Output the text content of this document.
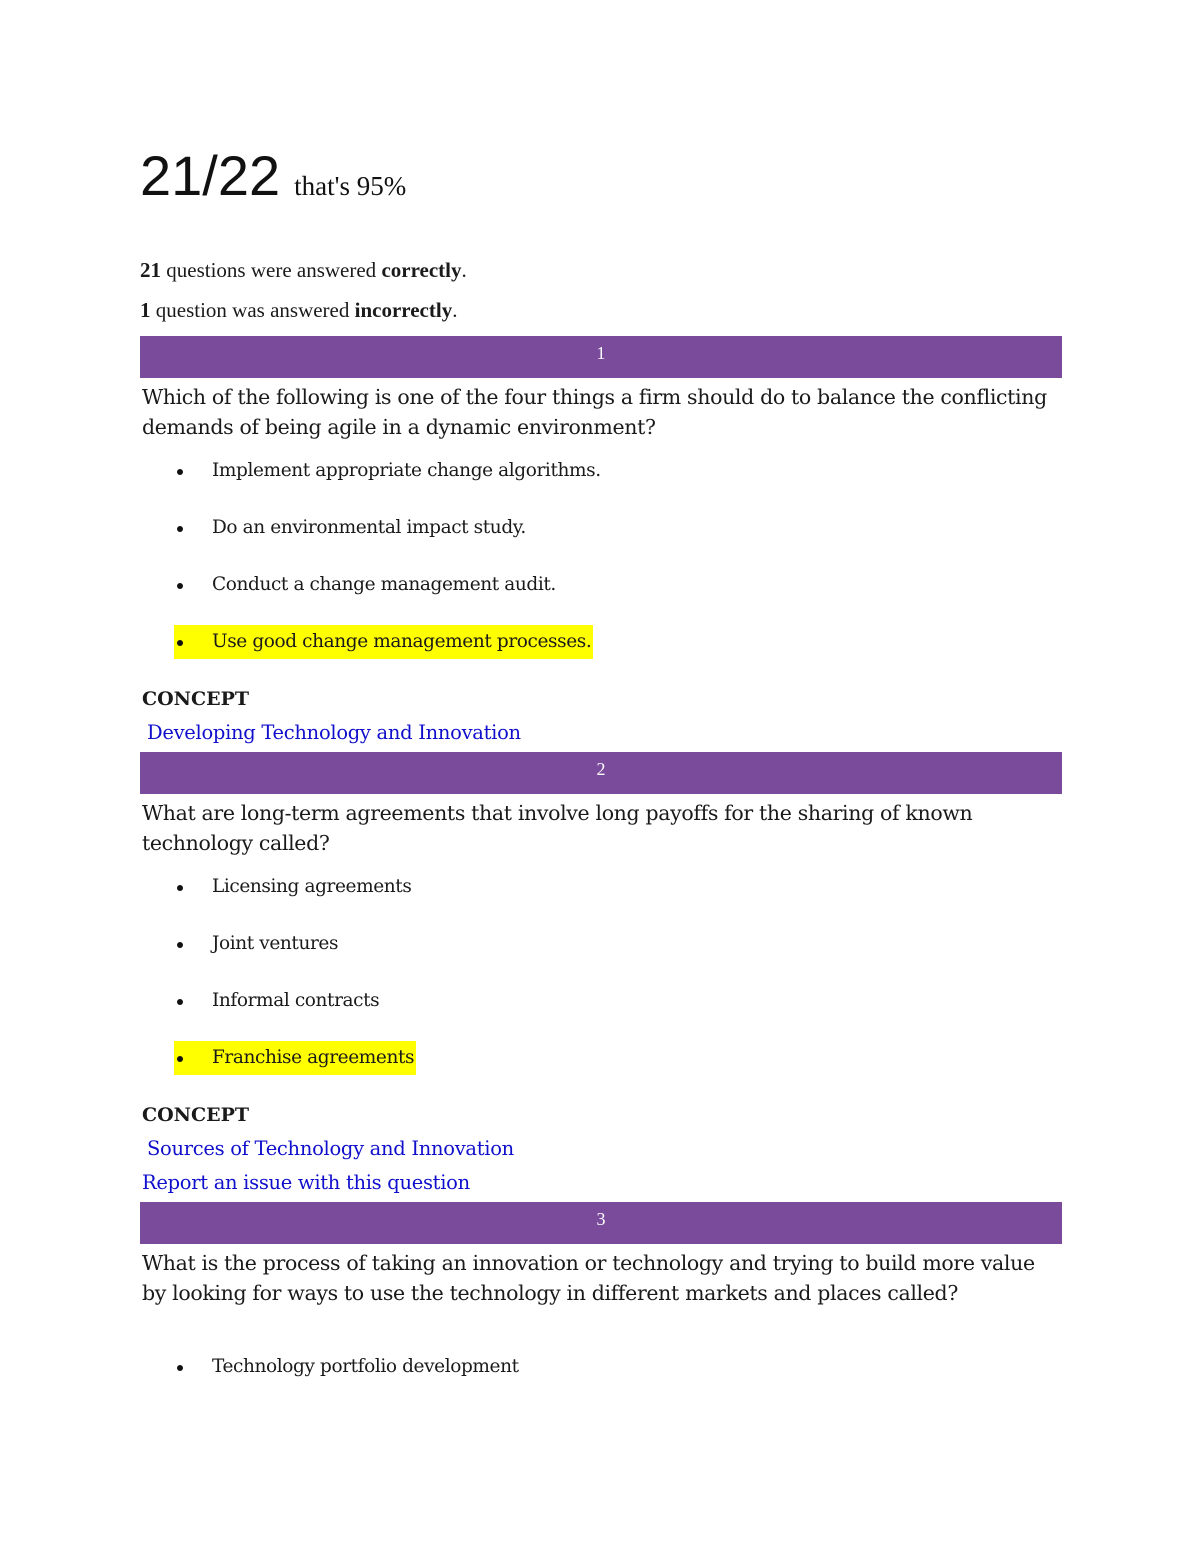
21/22 that's 95%

21 questions were answered correctly.

1 question was answered incorrectly.

1
Which of the following is one of the four things a firm should do to balance the conflicting demands of being agile in a dynamic environment?
Implement appropriate change algorithms.
Do an environmental impact study.
Conduct a change management audit.
Use good change management processes.
CONCEPT
Developing Technology and Innovation
2
What are long-term agreements that involve long payoffs for the sharing of known technology called?
Licensing agreements
Joint ventures
Informal contracts
Franchise agreements
CONCEPT
Sources of Technology and Innovation
Report an issue with this question
3
What is the process of taking an innovation or technology and trying to build more value by looking for ways to use the technology in different markets and places called?
Technology portfolio development
